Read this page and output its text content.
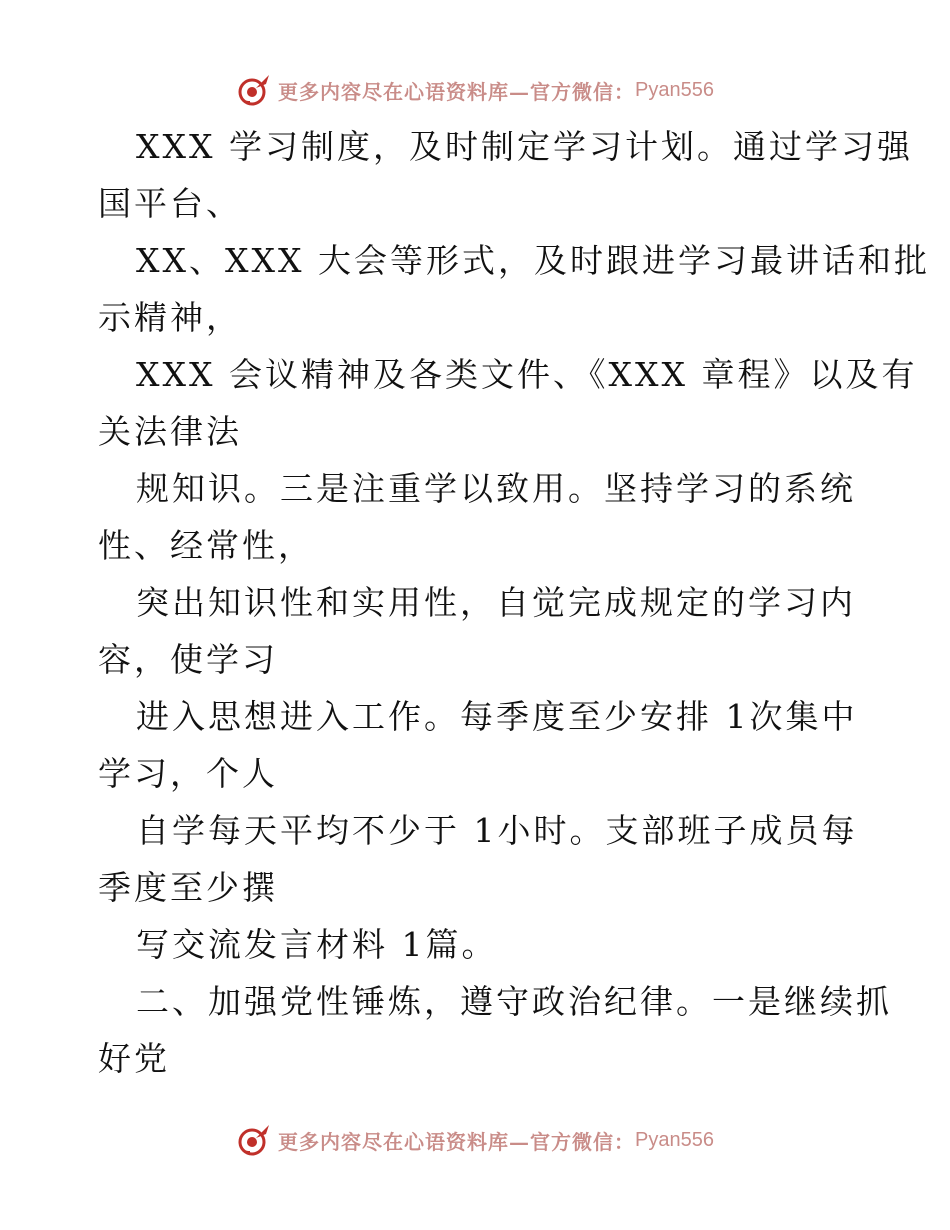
更多内容尽在心语资料库—官方微信： Pyan556
XXX 学习制度，及时制定学习计划。通过学习强
国平台、
XX、XXX 大会等形式，及时跟进学习最讲话和批
示精神，
XXX 会议精神及各类文件、《XXX 章程》以及有
关法律法
规知识。三是注重学以致用。坚持学习的系统
性、经常性，
突出知识性和实用性，自觉完成规定的学习内
容，使学习
进入思想进入工作。每季度至少安排 1次集中
学习，个人
自学每天平均不少于 1小时。支部班子成员每
季度至少撰
写交流发言材料 1篇。
二、加强党性锤炼，遵守政治纪律。一是继续抓
好党
更多内容尽在心语资料库—官方微信： Pyan556
